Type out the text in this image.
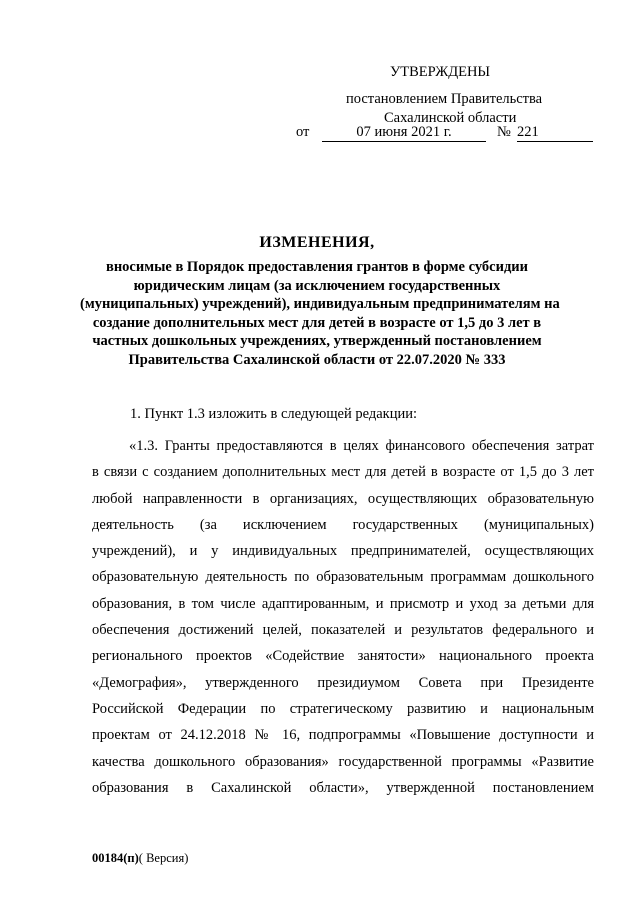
УТВЕРЖДЕНЫ
постановлением Правительства
Сахалинской области
от	07 июня 2021 г.	№ 221
ИЗМЕНЕНИЯ,
вносимые в Порядок предоставления грантов в форме субсидии
юридическим лицам (за исключением государственных
(муниципальных) учреждений), индивидуальным предпринимателям на
создание дополнительных мест для детей в возрасте от 1,5 до 3 лет в
частных дошкольных учреждениях, утвержденный постановлением
Правительства Сахалинской области от 22.07.2020 № 333
1. Пункт 1.3 изложить в следующей редакции:
«1.3. Гранты предоставляются в целях финансового обеспечения затрат
в связи с созданием дополнительных мест для детей в возрасте от 1,5 до 3 лет
любой направленности в организациях, осуществляющих образовательную
деятельность (за исключением государственных (муниципальных)
учреждений), и у индивидуальных предпринимателей, осуществляющих
образовательную деятельность по образовательным программам дошкольного
образования, в том числе адаптированным, и присмотр и уход за детьми для
обеспечения достижений целей, показателей и результатов федерального и
регионального проектов «Содействие занятости» национального проекта
«Демография», утвержденного президиумом Совета при Президенте
Российской Федерации по стратегическому развитию и национальным
проектам от 24.12.2018 № 16, подпрограммы «Повышение доступности и
качества дошкольного образования» государственной программы «Развитие
образования в Сахалинской области», утвержденной постановлением
00184(п)( Версия)
